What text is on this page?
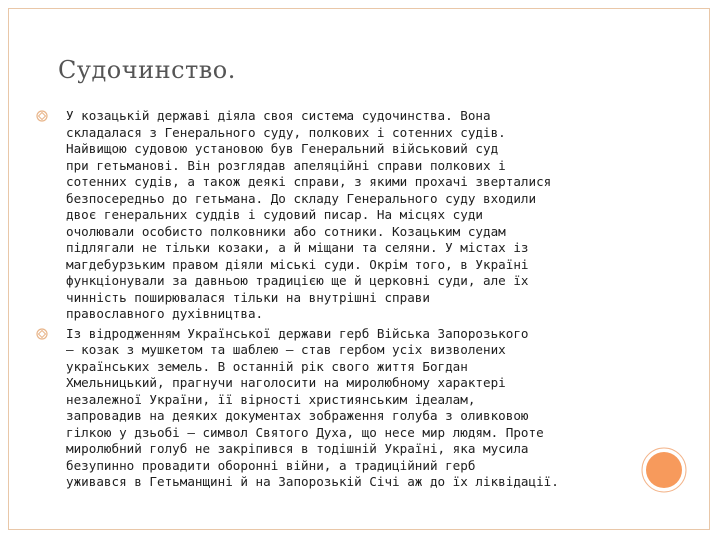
Судочинство.
У козацькій державі діяла своя система судочинства. Вона
складалася з Генерального суду, полкових і сотенних судів.
Найвищою судовою установою був Генеральний військовий суд
при гетьманові. Він розглядав апеляційні справи полкових і
сотенних судів, а також деякі справи, з якими прохачі зверталися
безпосередньо до гетьмана. До складу Генерального суду входили
двоє генеральних суддів і судовий писар. На місцях суди
очолювали особисто полковники або сотники. Козацьким судам
підлягали не тільки козаки, а й міщани та селяни. У містах із
магдебурзьким правом діяли міські суди. Окрім того, в Україні
функціонували за давньою традицією ще й церковні суди, але їх
чинність поширювалася тільки на внутрішні справи
православного духівництва.
Із відродженням Української держави герб Війська Запорозького
— козак з мушкетом та шаблею — став гербом усіх визволених
українських земель. В останній рік свого життя Богдан
Хмельницький, прагнучи наголосити на миролюбному характері
незалежної України, її вірності християнським ідеалам,
запровадив на деяких документах зображення голуба з оливковою
гілкою у дзьобі — символ Святого Духа, що несе мир людям. Проте
миролюбний голуб не закріпився в тодішній Україні, яка мусила
безупинно провадити оборонні війни, а традиційний герб
уживався в Гетьманщині й на Запорозькій Січі аж до їх ліквідації.
